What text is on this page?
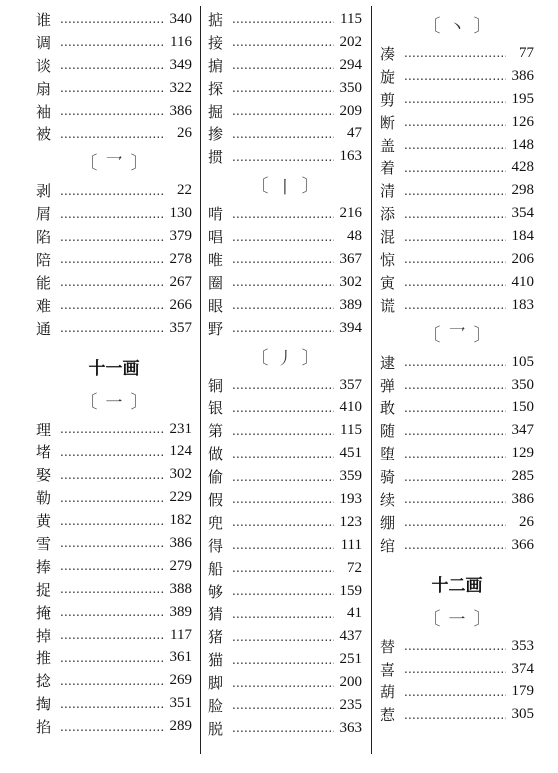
谁 .....	340
调 .....	116
谈 .....	349
扇 .....	322
袖 .....	386
被 .....	26
〔 乛 〕
剥 .....	22
屑 .....	130
陷 .....	379
陪 .....	278
能 .....	267
难 .....	266
通 .....	357
十一画
〔 一 〕
理 .....	231
堵 .....	124
娶 .....	302
勒 .....	229
黄 .....	182
雪 .....	386
捧 .....	279
捉 .....	388
掩 .....	389
掉 .....	117
推 .....	361
捻 .....	269
掏 .....	351
掐 .....	289
掂 .....	115
接 .....	202
掮 .....	294
探 .....	350
掘 .....	209
掺 .....	47
掼 .....	163
〔 丨 〕
啃 .....	216
唱 .....	48
唯 .....	367
圈 .....	302
眼 .....	389
野 .....	394
〔 丿 〕
铜 .....	357
银 .....	410
第 .....	115
做 .....	451
偷 .....	359
假 .....	193
兜 .....	123
得 .....	111
船 .....	72
够 .....	159
猜 .....	41
猪 .....	437
猫 .....	251
脚 .....	200
脸 .....	235
脱 .....	363
〔 丶 〕
凑 .....	77
旋 .....	386
剪 .....	195
断 .....	126
盖 .....	148
着 .....	428
清 .....	298
添 .....	354
混 .....	184
惊 .....	206
寅 .....	410
谎 .....	183
〔 乛 〕
逮 .....	105
弹 .....	350
敢 .....	150
随 .....	347
堕 .....	129
骑 .....	285
续 .....	386
绷 .....	26
绾 .....	366
十二画
〔 一 〕
替 .....	353
喜 .....	374
葫 .....	179
惹 .....	305
